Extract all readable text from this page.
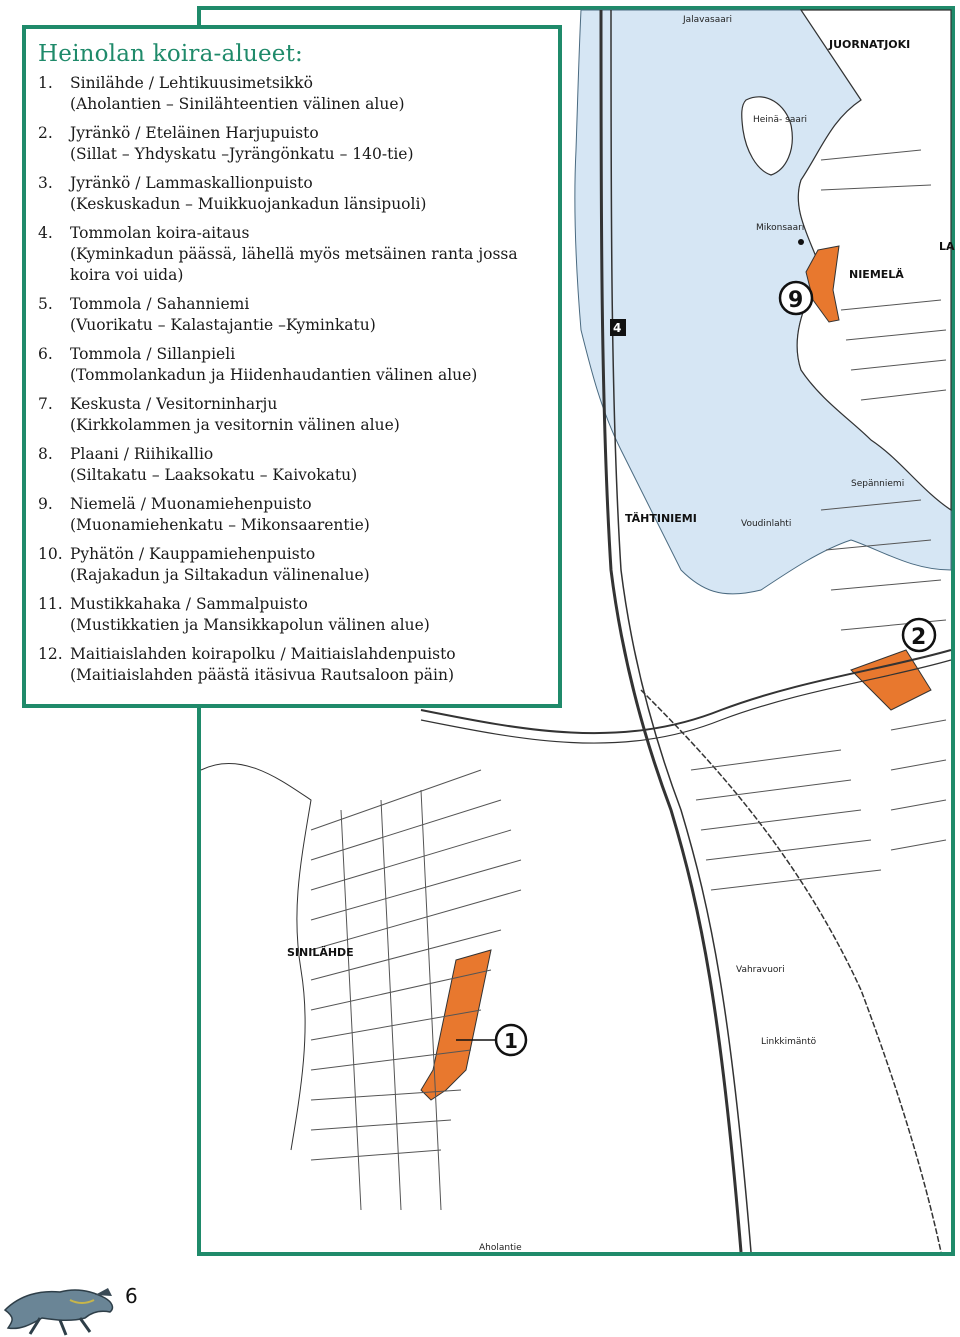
JUORNATJOKI
NIEMELÄ
TÄHTINIEMI
SINILÄHDE
LA
Jalavasaari
Heinä- saari
Mikonsaari
Sepänniemi
Voudinlahti
Vahravuori
Linkkimäntö
Aholantie
9
2
1
4
Heinolan koira-alueet:
1.	Sinilähde / Lehtikuusimetsikkö
(Aholantien – Sinilähteentien välinen alue)
2.	Jyränkö / Eteläinen Harjupuisto
(Sillat – Yhdyskatu –Jyrängönkatu – 140-tie)
3.	Jyränkö / Lammaskallionpuisto
(Keskuskadun – Muikkuojankadun länsipuoli)
4.	Tommolan koira-aitaus
(Kyminkadun päässä, lähellä myös metsäinen ranta jossa koira voi uida)
5.	Tommola / Sahanniemi
(Vuorikatu – Kalastajantie –Kyminkatu)
6.	Tommola / Sillanpieli
(Tommolankadun ja Hiidenhaudantien välinen alue)
7.	Keskusta / Vesitorninharju
(Kirkkolammen ja vesitornin välinen alue)
8.	Plaani / Riihikallio
(Siltakatu – Laaksokatu – Kaivokatu)
9.	Niemelä / Muonamiehenpuisto
(Muonamiehenkatu – Mikonsaarentie)
10. Pyhätön / Kauppamiehenpuisto
(Rajakadun ja Siltakadun välinenalue)
11. Mustikkahaka / Sammalpuisto
(Mustikkatien ja Mansikkapolun välinen alue)
12. Maitiaislahden koirapolku / Maitiaislahdenpuisto
(Maitiaislahden päästä itäsivua Rautsaloon päin)
6
